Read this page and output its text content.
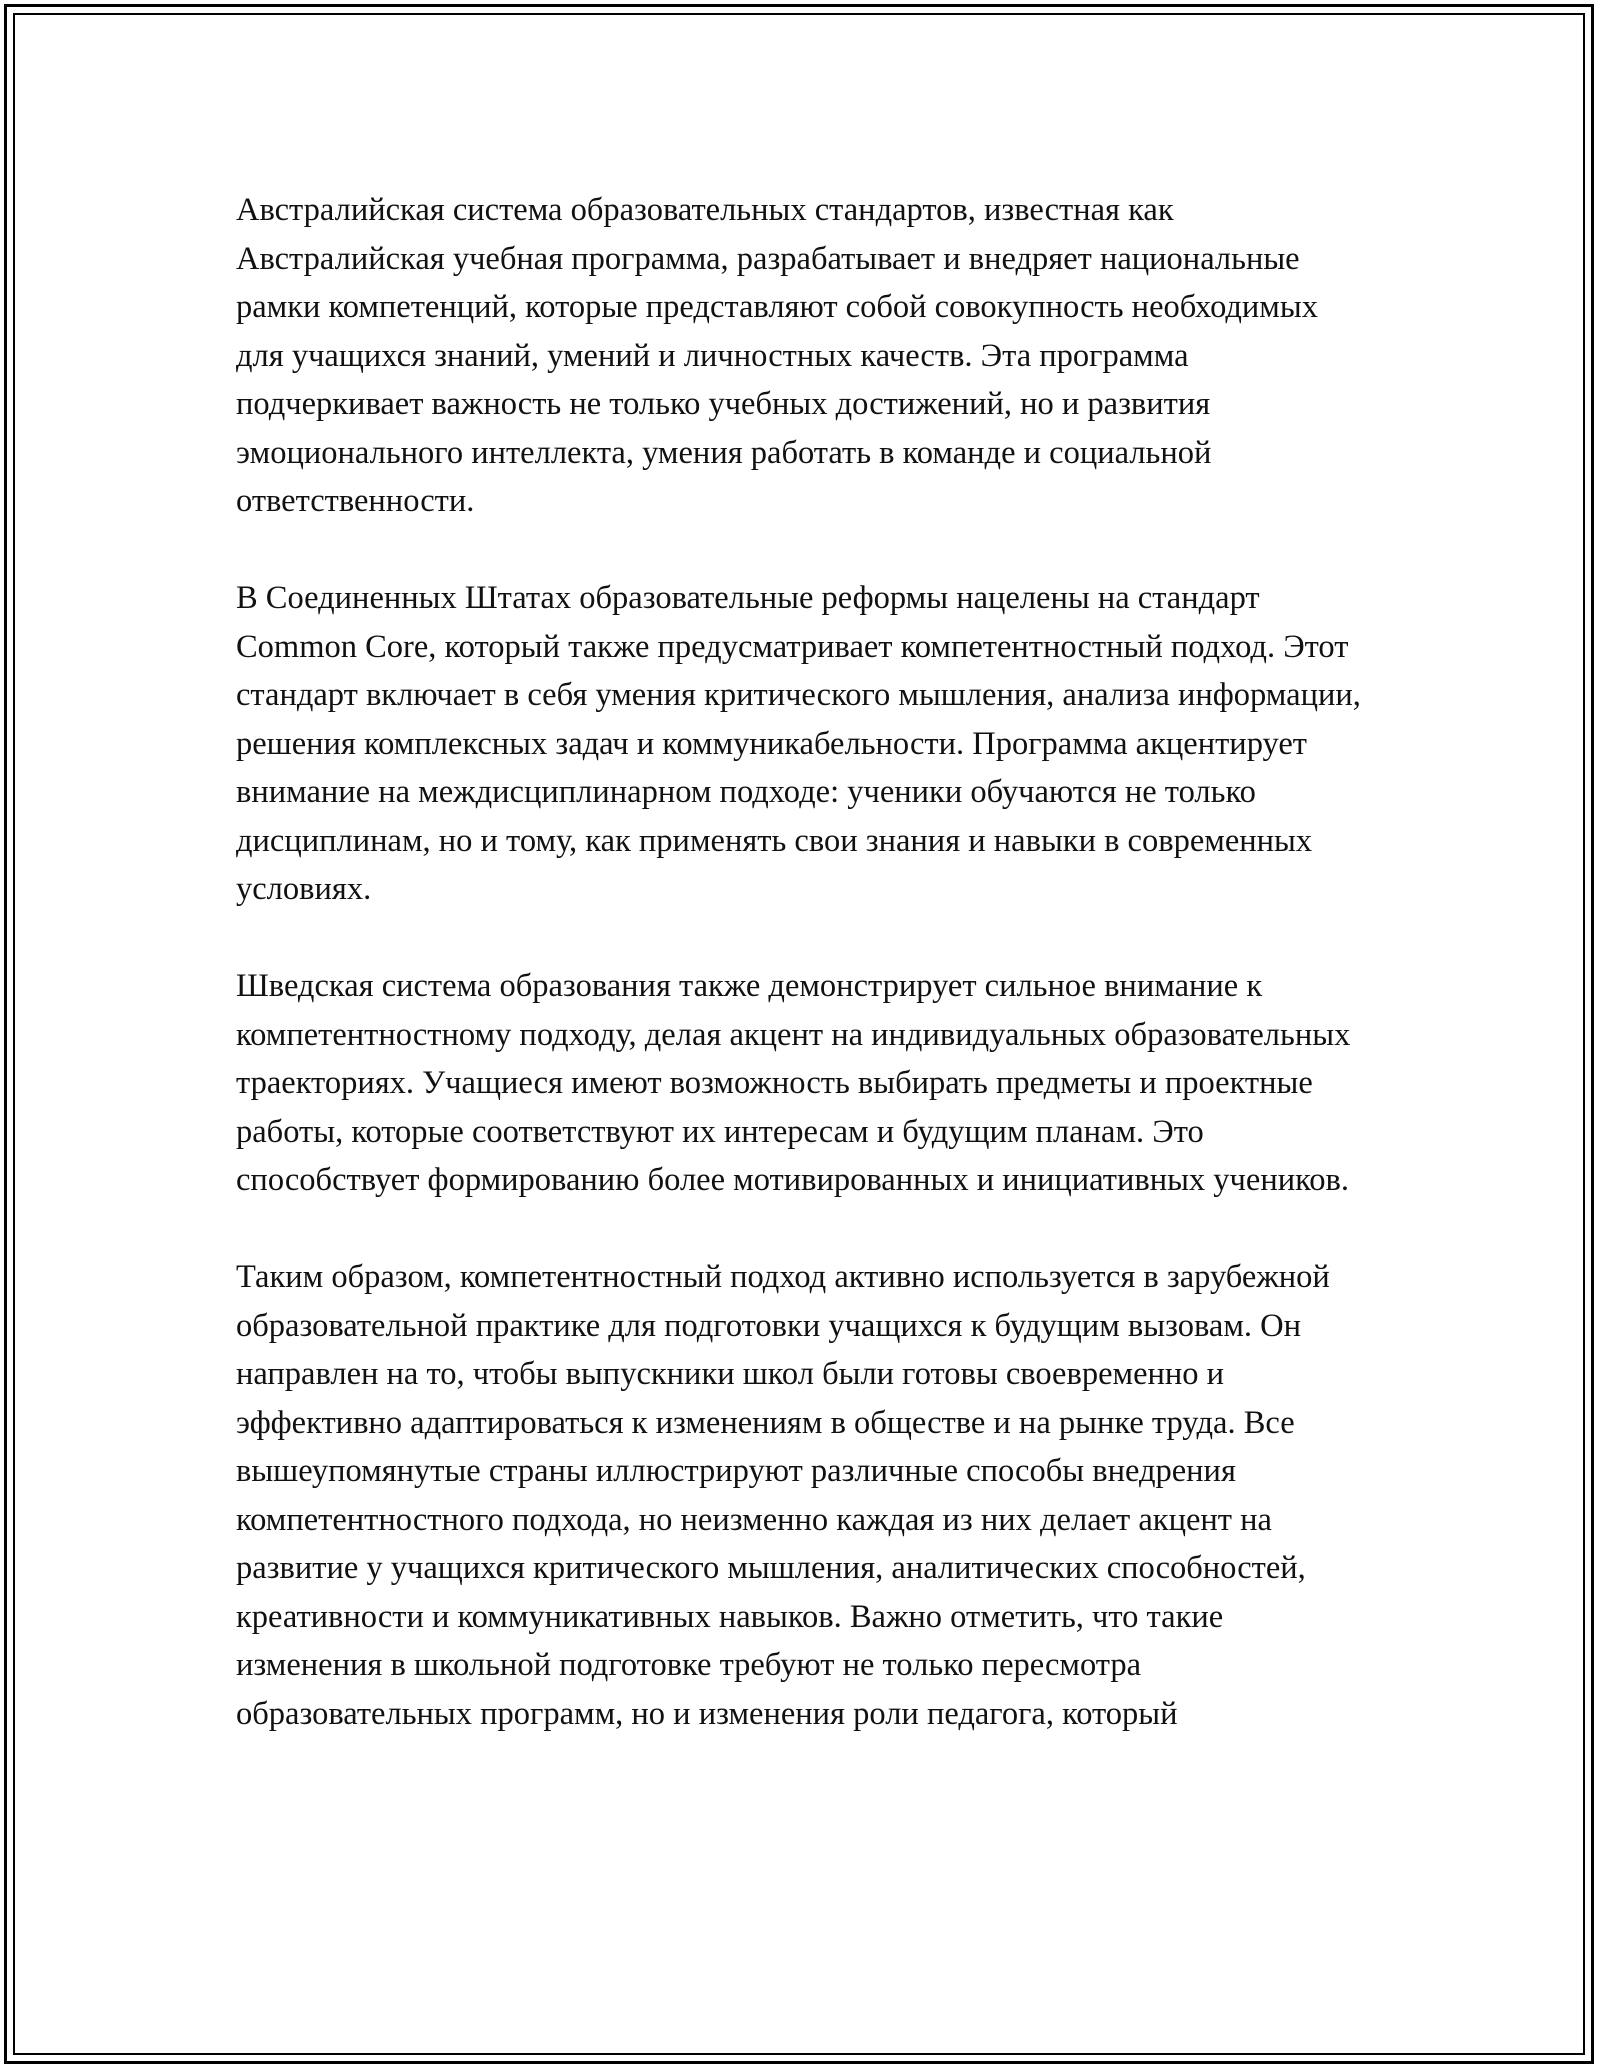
Австралийская система образовательных стандартов, известная как Австралийская учебная программа, разрабатывает и внедряет национальные рамки компетенций, которые представляют собой совокупность необходимых для учащихся знаний, умений и личностных качеств. Эта программа подчеркивает важность не только учебных достижений, но и развития эмоционального интеллекта, умения работать в команде и социальной ответственности.

В Соединенных Штатах образовательные реформы нацелены на стандарт Common Core, который также предусматривает компетентностный подход. Этот стандарт включает в себя умения критического мышления, анализа информации, решения комплексных задач и коммуникабельности. Программа акцентирует внимание на междисциплинарном подходе: ученики обучаются не только дисциплинам, но и тому, как применять свои знания и навыки в современных условиях.

Шведская система образования также демонстрирует сильное внимание к компетентностному подходу, делая акцент на индивидуальных образовательных траекториях. Учащиеся имеют возможность выбирать предметы и проектные работы, которые соответствуют их интересам и будущим планам. Это способствует формированию более мотивированных и инициативных учеников.

Таким образом, компетентностный подход активно используется в зарубежной образовательной практике для подготовки учащихся к будущим вызовам. Он направлен на то, чтобы выпускники школ были готовы своевременно и эффективно адаптироваться к изменениям в обществе и на рынке труда. Все вышеупомянутые страны иллюстрируют различные способы внедрения компетентностного подхода, но неизменно каждая из них делает акцент на развитие у учащихся критического мышления, аналитических способностей, креативности и коммуникативных навыков. Важно отметить, что такие изменения в школьной подготовке требуют не только пересмотра образовательных программ, но и изменения роли педагога, который
